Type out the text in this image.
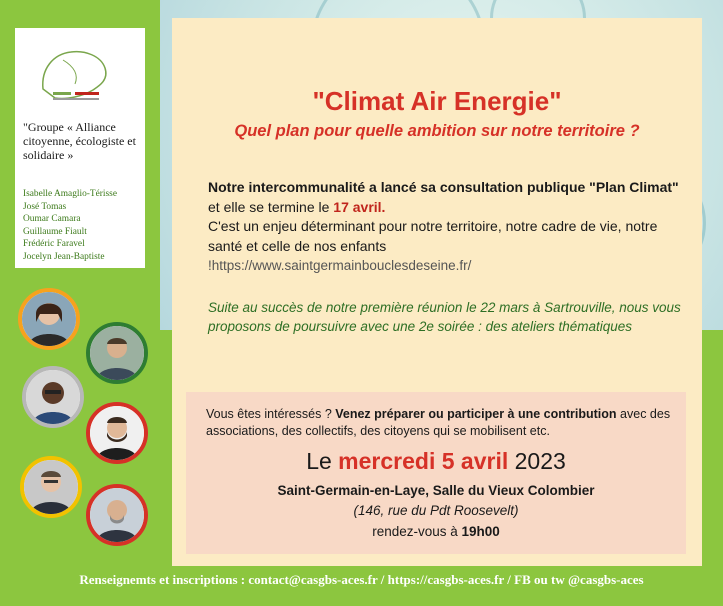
"Groupe « Alliance citoyenne, écologiste et solidaire »
Isabelle Amaglio-Térisse
José Tomas
Oumar Camara
Guillaume Fiault
Frédéric Faravel
Jocelyn Jean-Baptiste
"Climat Air Energie"
Quel plan pour quelle ambition sur notre territoire ?
Notre intercommunalité a lancé sa consultation publique "Plan Climat" et elle se termine le 17 avril.
C'est un enjeu déterminant pour notre territoire, notre cadre de vie, notre santé et celle de nos enfants
!https://www.saintgermainbouclesdeseine.fr/
Suite au succès de notre première réunion le 22 mars à Sartrouville, nous vous proposons de poursuivre avec une 2e soirée : des ateliers thématiques
Vous êtes intéressés ? Venez préparer ou participer à une contribution avec des associations, des collectifs, des citoyens qui se mobilisent etc.
Le mercredi 5 avril 2023
Saint-Germain-en-Laye, Salle du Vieux Colombier
(146, rue du Pdt Roosevelt)
rendez-vous à 19h00
Renseignemts et inscriptions : contact@casgbs-aces.fr / https://casgbs-aces.fr / FB ou tw @casgbs-aces
